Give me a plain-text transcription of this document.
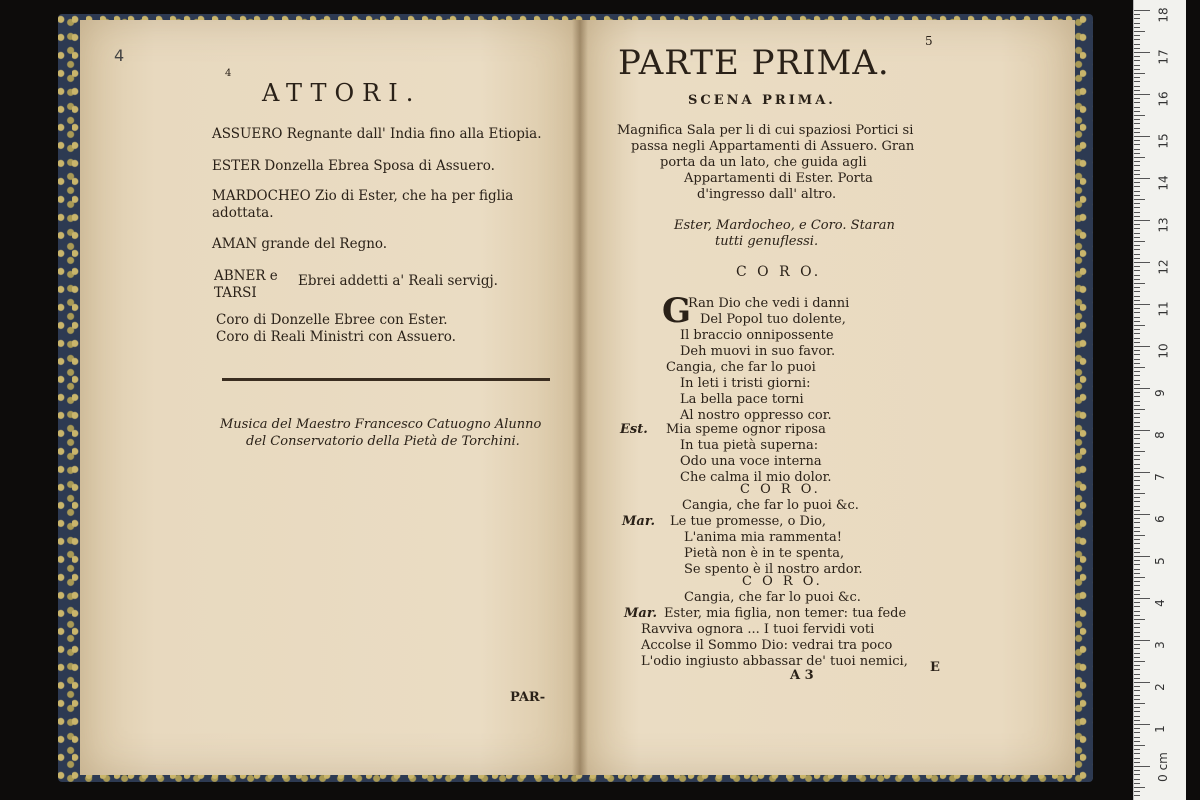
4
4
ATTORI.
ASSUERO Regnante dall' India fino alla Etiopia.
ESTER Donzella Ebrea Sposa di Assuero.
MARDOCHEO Zio di Ester, che ha per figlia
adottata.
AMAN grande del Regno.
ABNER e
TARSI
Ebrei addetti a' Reali servigj.
Coro di Donzelle Ebree con Ester.
Coro di Reali Ministri con Assuero.
Musica del Maestro Francesco Catuogno Alunno
del Conservatorio della Pietà de Torchini.
PAR-
5
PARTE PRIMA.
SCENA PRIMA.
Magnifica Sala per li di cui spaziosi Portici si
passa negli Appartamenti di Assuero. Gran
porta da un lato, che guida agli
Appartamenti di Ester. Porta
d'ingresso dall' altro.
Ester, Mardocheo, e Coro. Staran
tutti genuflessi.
C O R O.
G
Ran Dio che vedi i danni
Del Popol tuo dolente,
Il braccio onnipossente
Deh muovi in suo favor.
Cangia, che far lo puoi
In leti i tristi giorni:
La bella pace torni
Al nostro oppresso cor.
Est. Mia speme ognor riposa
In tua pietà superna:
Odo una voce interna
Che calma il mio dolor.
C O R O.
Cangia, che far lo puoi &c.
Mar. Le tue promesse, o Dio,
L'anima mia rammenta!
Pietà non è in te spenta,
Se spento è il nostro ardor.
C O R O.
Cangia, che far lo puoi &c.
Mar. Ester, mia figlia, non temer: tua fede
Ravviva ognora ... I tuoi fervidi voti
Accolse il Sommo Dio: vedrai tra poco
L'odio ingiusto abbassar de' tuoi nemici,
A 3
E
18
17
16
15
14
13
12
11
10
9
8
7
6
5
4
3
2
1
0 cm
